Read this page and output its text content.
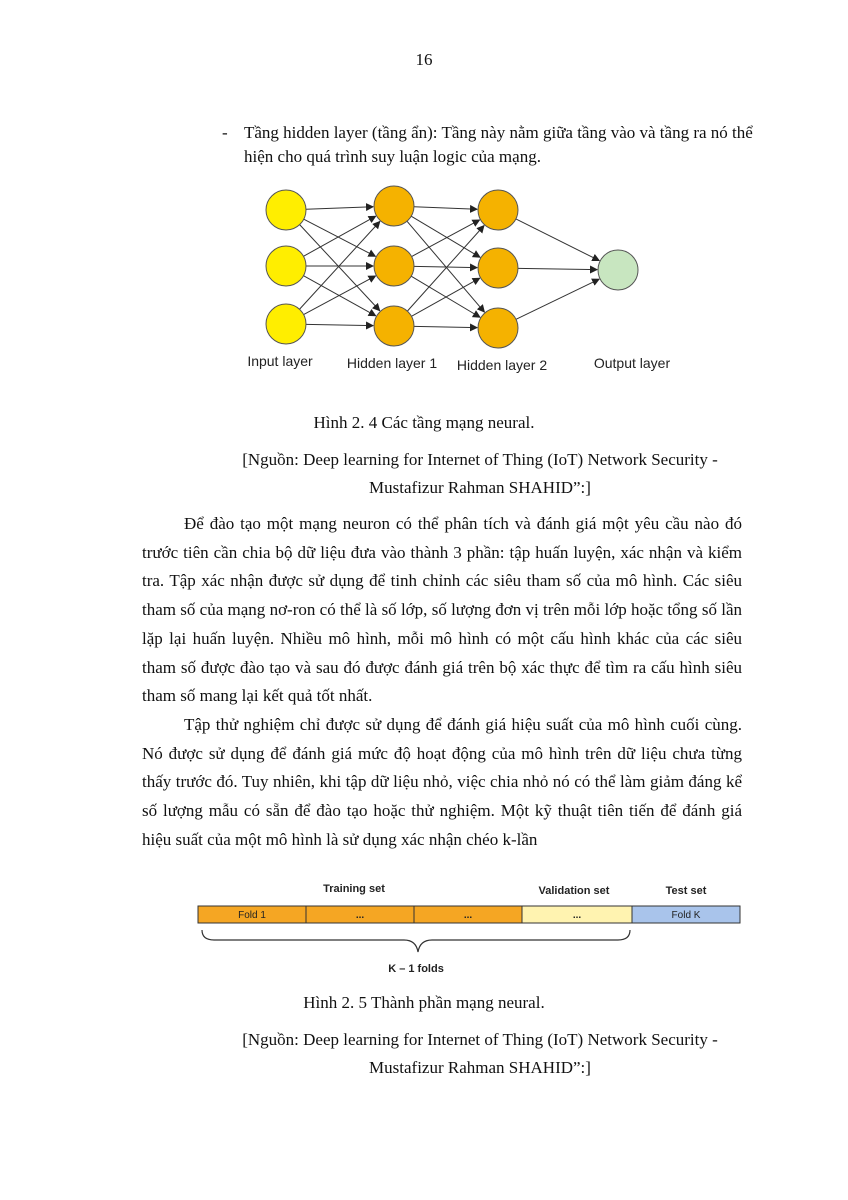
16
- Tầng hidden layer (tầng ẩn): Tầng này nằm giữa tầng vào và tầng ra nó thể hiện cho quá trình suy luận logic của mạng.
Input layer Hidden layer 1 Hidden layer 2	Output layer
Hình 2. 4 Các tầng mạng neural.
[Nguồn: Deep learning for Internet of Thing (IoT) Network Security -
Mustafizur Rahman SHAHID”:]
Để đào tạo một mạng neuron có thể phân tích và đánh giá một yêu cầu nào đó trước tiên cần chia bộ dữ liệu đưa vào thành 3 phần: tập huấn luyện, xác nhận và kiểm tra. Tập xác nhận được sử dụng để tinh chỉnh các siêu tham số của mô hình. Các siêu tham số của mạng nơ-ron có thể là số lớp, số lượng đơn vị trên mỗi lớp hoặc tổng số lần lặp lại huấn luyện. Nhiều mô hình, mỗi mô hình có một cấu hình khác của các siêu tham số được đào tạo và sau đó được đánh giá trên bộ xác thực để tìm ra cấu hình siêu tham số mang lại kết quả tốt nhất.
Tập thử nghiệm chỉ được sử dụng để đánh giá hiệu suất của mô hình cuối cùng. Nó được sử dụng để đánh giá mức độ hoạt động của mô hình trên dữ liệu chưa từng thấy trước đó. Tuy nhiên, khi tập dữ liệu nhỏ, việc chia nhỏ nó có thể làm giảm đáng kể số lượng mẫu có sẵn để đào tạo hoặc thử nghiệm. Một kỹ thuật tiên tiến để đánh giá hiệu suất của một mô hình là sử dụng xác nhận chéo k-lần
Training set	Validation set	Test set
Fold 1	...	...	...	Fold K
K – 1 folds
Hình 2. 5 Thành phần mạng neural.
[Nguồn: Deep learning for Internet of Thing (IoT) Network Security -
Mustafizur Rahman SHAHID”:]
